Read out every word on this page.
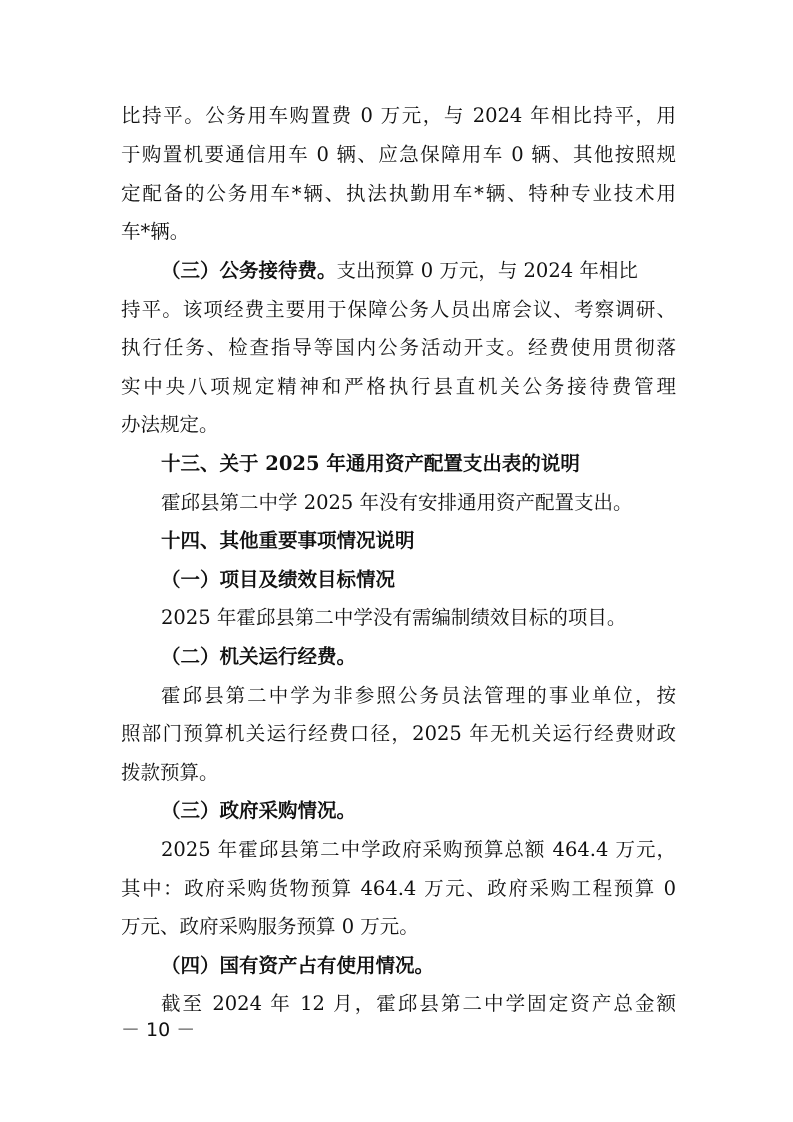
比持平。公务用车购置费 0 万元，与 2024 年相比持平，用
于购置机要通信用车 0 辆、应急保障用车 0 辆、其他按照规
定配备的公务用车*辆、执法执勤用车*辆、特种专业技术用
车*辆。
（三）公务接待费。支出预算 0 万元，与 2024 年相比
持平。该项经费主要用于保障公务人员出席会议、考察调研、
执行任务、检查指导等国内公务活动开支。经费使用贯彻落
实中央八项规定精神和严格执行县直机关公务接待费管理
办法规定。
十三、关于 2025 年通用资产配置支出表的说明
霍邱县第二中学 2025 年没有安排通用资产配置支出。
十四、其他重要事项情况说明
（一）项目及绩效目标情况
2025 年霍邱县第二中学没有需编制绩效目标的项目。
（二）机关运行经费。
霍邱县第二中学为非参照公务员法管理的事业单位，按
照部门预算机关运行经费口径，2025 年无机关运行经费财政
拨款预算。
（三）政府采购情况。
2025 年霍邱县第二中学政府采购预算总额 464.4 万元，
其中：政府采购货物预算 464.4 万元、政府采购工程预算 0
万元、政府采购服务预算 0 万元。
（四）国有资产占有使用情况。
截至 2024 年 12 月，霍邱县第二中学固定资产总金额
－ 10 －
